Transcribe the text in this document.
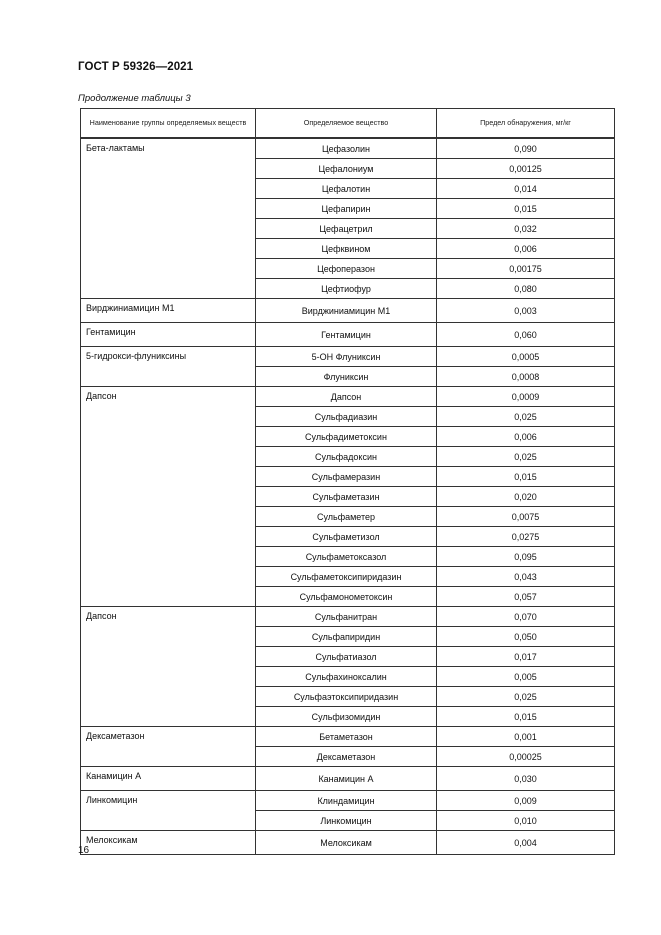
ГОСТ Р 59326—2021
Продолжение таблицы 3
Наименование группы определяемых веществ	Определяемое вещество	Предел обнаружения, мг/кг
Бета-лактамы	Цефазолин	0,090
	Цефалониум	0,00125
	Цефалотин	0,014
	Цефапирин	0,015
	Цефацетрил	0,032
	Цефквином	0,006
	Цефоперазон	0,00175
	Цефтиофур	0,080
Вирджиниамицин М1	Вирджиниамицин М1	0,003
Гентамицин	Гентамицин	0,060
5-гидрокси-флуниксины	5-ОН Флуниксин	0,0005
	Флуниксин	0,0008
Дапсон	Дапсон	0,0009
	Сульфадиазин	0,025
	Сульфадиметоксин	0,006
	Сульфадоксин	0,025
	Сульфамеразин	0,015
	Сульфаметазин	0,020
	Сульфаметер	0,0075
	Сульфаметизол	0,0275
	Сульфаметоксазол	0,095
	Сульфаметоксипиридазин	0,043
	Сульфамонометоксин	0,057
Дапсон	Сульфанитран	0,070
	Сульфапиридин	0,050
	Сульфатиазол	0,017
	Сульфахиноксалин	0,005
	Сульфаэтоксипиридазин	0,025
	Сульфизомидин	0,015
Дексаметазон	Бетаметазон	0,001
	Дексаметазон	0,00025
Канамицин А	Канамицин А	0,030
Линкомицин	Клиндамицин	0,009
	Линкомицин	0,010
Мелоксикам	Мелоксикам	0,004
16
